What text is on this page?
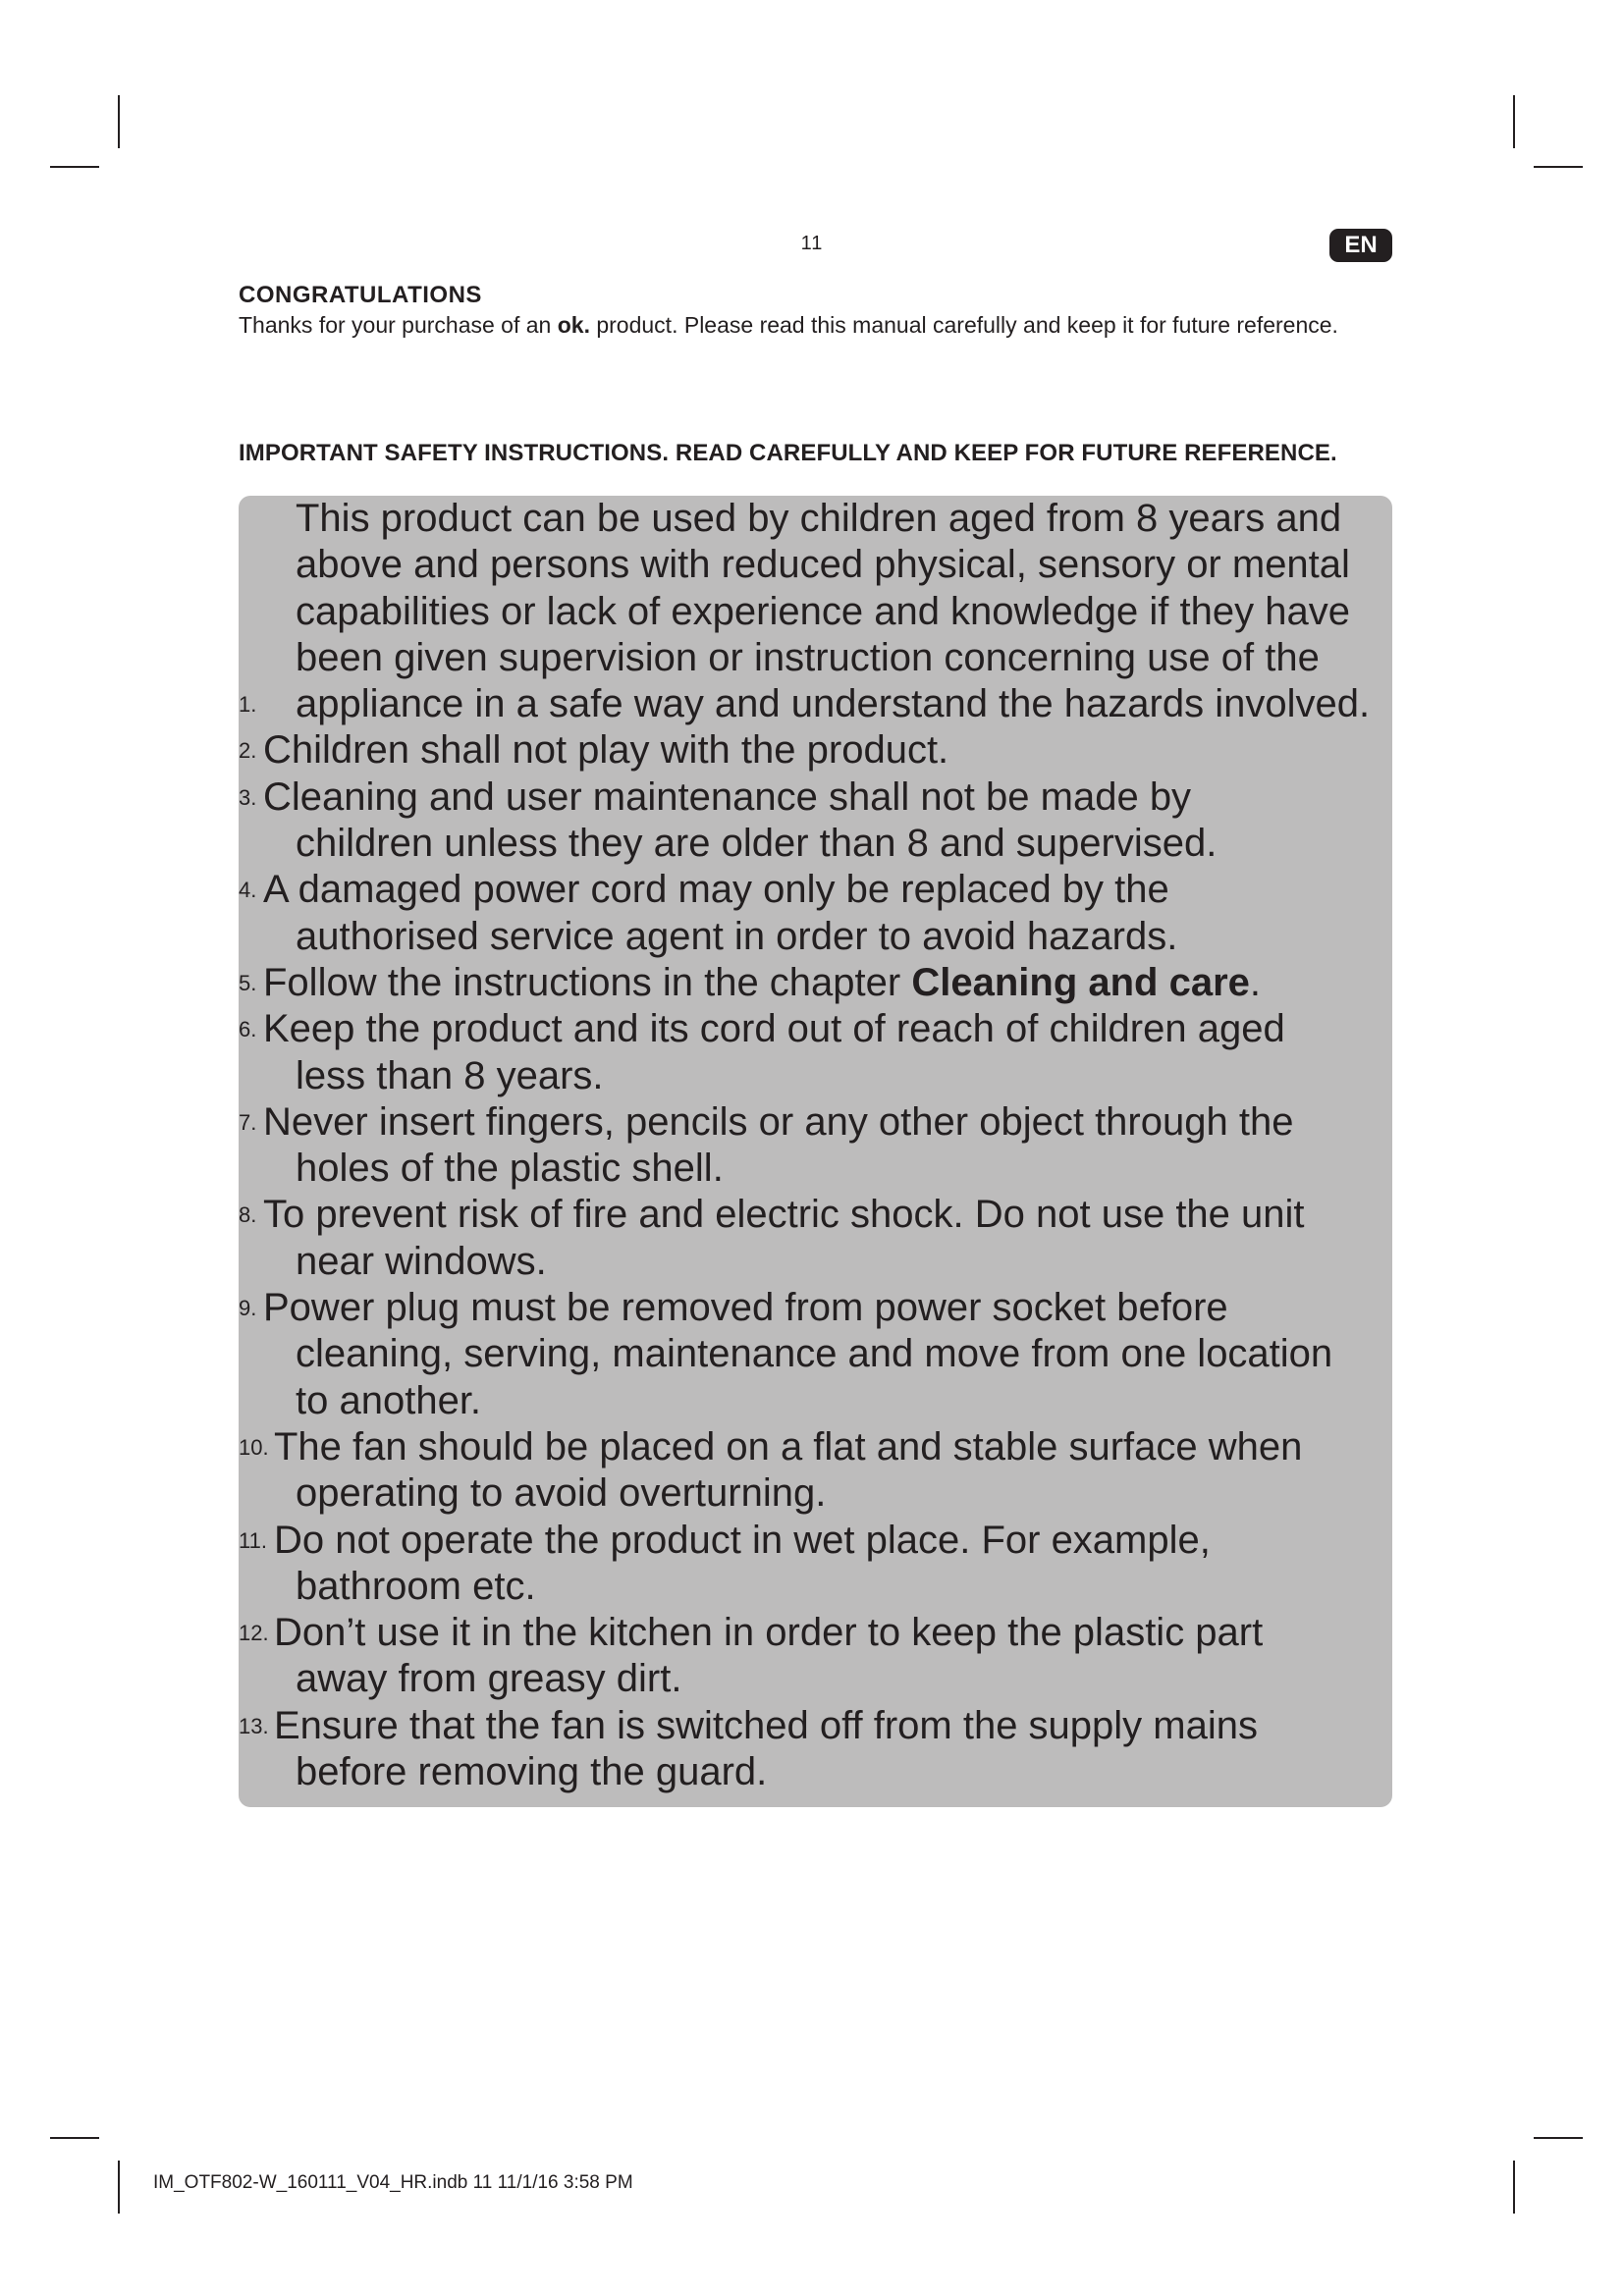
11	EN
CONGRATULATIONS
Thanks for your purchase of an ok. product. Please read this manual carefully and keep it for future reference.
IMPORTANT SAFETY INSTRUCTIONS. READ CAREFULLY AND KEEP FOR FUTURE REFERENCE.
1.
This product can be used by children aged from 8 years and
above and persons with reduced physical, sensory or mental
capabilities or lack of experience and knowledge if they have
been given supervision or instruction concerning use of the
appliance in a safe way and understand the hazards involved.
2. Children shall not play with the product.
3. Cleaning and user maintenance shall not be made by
children unless they are older than 8 and supervised.
4. A damaged power cord may only be replaced by the
authorised service agent in order to avoid hazards.
5. Follow the instructions in the chapter Cleaning and care.
6. Keep the product and its cord out of reach of children aged
less than 8 years.
7. Never insert fingers, pencils or any other object through the
holes of the plastic shell.
8. To prevent risk of fire and electric shock. Do not use the unit
near windows.
9. Power plug must be removed from power socket before
cleaning, serving, maintenance and move from one location
to another.
10. The fan should be placed on a flat and stable surface when
operating to avoid overturning.
11. Do not operate the product in wet place. For example,
bathroom etc.
12. Don’t use it in the kitchen in order to keep the plastic part
away from greasy dirt.
13. Ensure that the fan is switched off from the supply mains
before removing the guard.
IM_OTF802-W_160111_V04_HR.indb 11 11/1/16 3:58 PM
